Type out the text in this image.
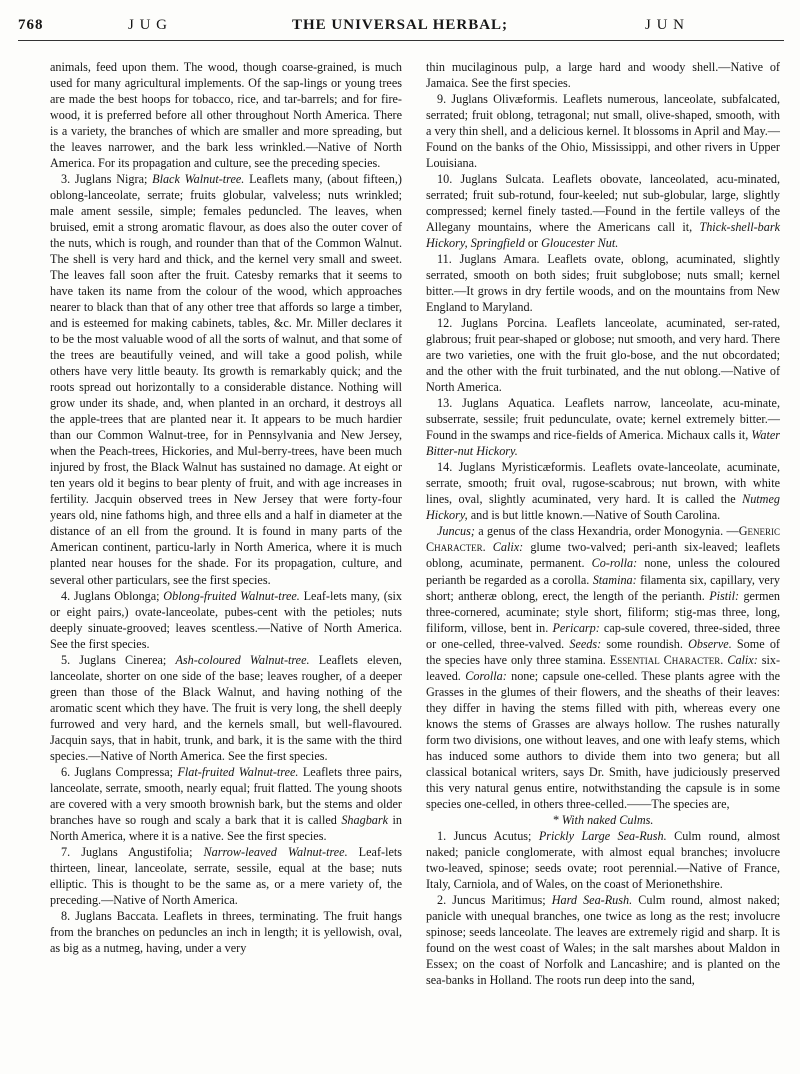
768	J U G	THE UNIVERSAL HERBAL;	J U N

animals, feed upon them. The wood, though coarse-grained, is much used for many agricultural implements. Of the sap-lings or young trees are made the best hoops for tobacco, rice, and tar-barrels; and for fire-wood, it is preferred before all other throughout North America. There is a variety, the branches of which are smaller and more spreading, but the leaves narrower, and the bark less wrinkled.—Native of North America. For its propagation and culture, see the preceding species.

3. Juglans Nigra; Black Walnut-tree. Leaflets many, (about fifteen,) oblong-lanceolate, serrate; fruits globular, valveless; nuts wrinkled; male ament sessile, simple; females peduncled. The leaves, when bruised, emit a strong aromatic flavour, as does also the outer cover of the nuts, which is rough, and rounder than that of the Common Walnut. The shell is very hard and thick, and the kernel very small and sweet. The leaves fall soon after the fruit. Catesby remarks that it seems to have taken its name from the colour of the wood, which approaches nearer to black than that of any other tree that affords so large a timber, and is esteemed for making cabinets, tables, &c. Mr. Miller declares it to be the most valuable wood of all the sorts of walnut, and that some of the trees are beautifully veined, and will take a good polish, while others have very little beauty. Its growth is remarkably quick; and the roots spread out horizontally to a considerable distance. Nothing will grow under its shade, and, when planted in an orchard, it destroys all the apple-trees that are planted near it. It appears to be much hardier than our Common Walnut-tree, for in Pennsylvania and New Jersey, when the Peach-trees, Hickories, and Mul-berry-trees, have been much injured by frost, the Black Walnut has sustained no damage. At eight or ten years old it begins to bear plenty of fruit, and with age increases in fertility. Jacquin observed trees in New Jersey that were forty-four years old, nine fathoms high, and three ells and a half in diameter at the distance of an ell from the ground. It is found in many parts of the American continent, particu-larly in North America, where it is much planted near houses for the shade. For its propagation, culture, and several other particulars, see the first species.

4. Juglans Oblonga; Oblong-fruited Walnut-tree. Leaf-lets many, (six or eight pairs,) ovate-lanceolate, pubes-cent with the petioles; nuts deeply sinuate-grooved; leaves scentless.—Native of North America. See the first species.

5. Juglans Cinerea; Ash-coloured Walnut-tree. Leaflets eleven, lanceolate, shorter on one side of the base; leaves rougher, of a deeper green than those of the Black Walnut, and having nothing of the aromatic scent which they have. The fruit is very long, the shell deeply furrowed and very hard, and the kernels small, but well-flavoured. Jacquin says, that in habit, trunk, and bark, it is the same with the third species.—Native of North America. See the first species.

6. Juglans Compressa; Flat-fruited Walnut-tree. Leaflets three pairs, lanceolate, serrate, smooth, nearly equal; fruit flatted. The young shoots are covered with a very smooth brownish bark, but the stems and older branches have so rough and scaly a bark that it is called Shagbark in North America, where it is a native. See the first species.

7. Juglans Angustifolia; Narrow-leaved Walnut-tree. Leaf-lets thirteen, linear, lanceolate, serrate, sessile, equal at the base; nuts elliptic. This is thought to be the same as, or a mere variety of, the preceding.—Native of North America.

8. Juglans Baccata. Leaflets in threes, terminating. The fruit hangs from the branches on peduncles an inch in length; it is yellowish, oval, as big as a nutmeg, having, under a very

thin mucilaginous pulp, a large hard and woody shell.—Native of Jamaica. See the first species.

9. Juglans Olivæformis. Leaflets numerous, lanceolate, subfalcated, serrated; fruit oblong, tetragonal; nut small, olive-shaped, smooth, with a very thin shell, and a delicious kernel. It blossoms in April and May.—Found on the banks of the Ohio, Mississippi, and other rivers in Upper Louisiana.

10. Juglans Sulcata. Leaflets obovate, lanceolated, acu-minated, serrated; fruit sub-rotund, four-keeled; nut sub-globular, large, slightly compressed; kernel finely tasted.—Found in the fertile valleys of the Allegany mountains, where the Americans call it, Thick-shell-bark Hickory, Springfield or Gloucester Nut.

11. Juglans Amara. Leaflets ovate, oblong, acuminated, slightly serrated, smooth on both sides; fruit subglobose; nuts small; kernel bitter.—It grows in dry fertile woods, and on the mountains from New England to Maryland.

12. Juglans Porcina. Leaflets lanceolate, acuminated, ser-rated, glabrous; fruit pear-shaped or globose; nut smooth, and very hard. There are two varieties, one with the fruit glo-bose, and the nut obcordated; and the other with the fruit turbinated, and the nut oblong.—Native of North America.

13. Juglans Aquatica. Leaflets narrow, lanceolate, acu-minate, subserrate, sessile; fruit pedunculate, ovate; kernel extremely bitter.—Found in the swamps and rice-fields of America. Michaux calls it, Water Bitter-nut Hickory.

14. Juglans Myristicæformis. Leaflets ovate-lanceolate, acuminate, serrate, smooth; fruit oval, rugose-scabrous; nut brown, with white lines, oval, slightly acuminated, very hard. It is called the Nutmeg Hickory, and is but little known.—Native of South Carolina.

Juncus; a genus of the class Hexandria, order Monogynia. —Generic Character. Calix: glume two-valved; peri-anth six-leaved; leaflets oblong, acuminate, permanent. Co-rolla: none, unless the coloured perianth be regarded as a corolla. Stamina: filamenta six, capillary, very short; antheræ oblong, erect, the length of the perianth. Pistil: germen three-cornered, acuminate; style short, filiform; stig-mas three, long, filiform, villose, bent in. Pericarp: cap-sule covered, three-sided, three or one-celled, three-valved. Seeds: some roundish. Observe. Some of the species have only three stamina. Essential Character. Calix: six-leaved. Corolla: none; capsule one-celled. These plants agree with the Grasses in the glumes of their flowers, and the sheaths of their leaves: they differ in having the stems filled with pith, whereas every one knows the stems of Grasses are always hollow. The rushes naturally form two divisions, one without leaves, and one with leafy stems, which has induced some authors to divide them into two genera; but all classical botanical writers, says Dr. Smith, have judiciously preserved this very natural genus entire, notwithstanding the capsule is in some species one-celled, in others three-celled.——The species are,

* With naked Culms.

1. Juncus Acutus; Prickly Large Sea-Rush. Culm round, almost naked; panicle conglomerate, with almost equal branches; involucre two-leaved, spinose; seeds ovate; root perennial.—Native of France, Italy, Carniola, and of Wales, on the coast of Merionethshire.

2. Juncus Maritimus; Hard Sea-Rush. Culm round, almost naked; panicle with unequal branches, one twice as long as the rest; involucre spinose; seeds lanceolate. The leaves are extremely rigid and sharp. It is found on the west coast of Wales; in the salt marshes about Maldon in Essex; on the coast of Norfolk and Lancashire; and is planted on the sea-banks in Holland. The roots run deep into the sand,
